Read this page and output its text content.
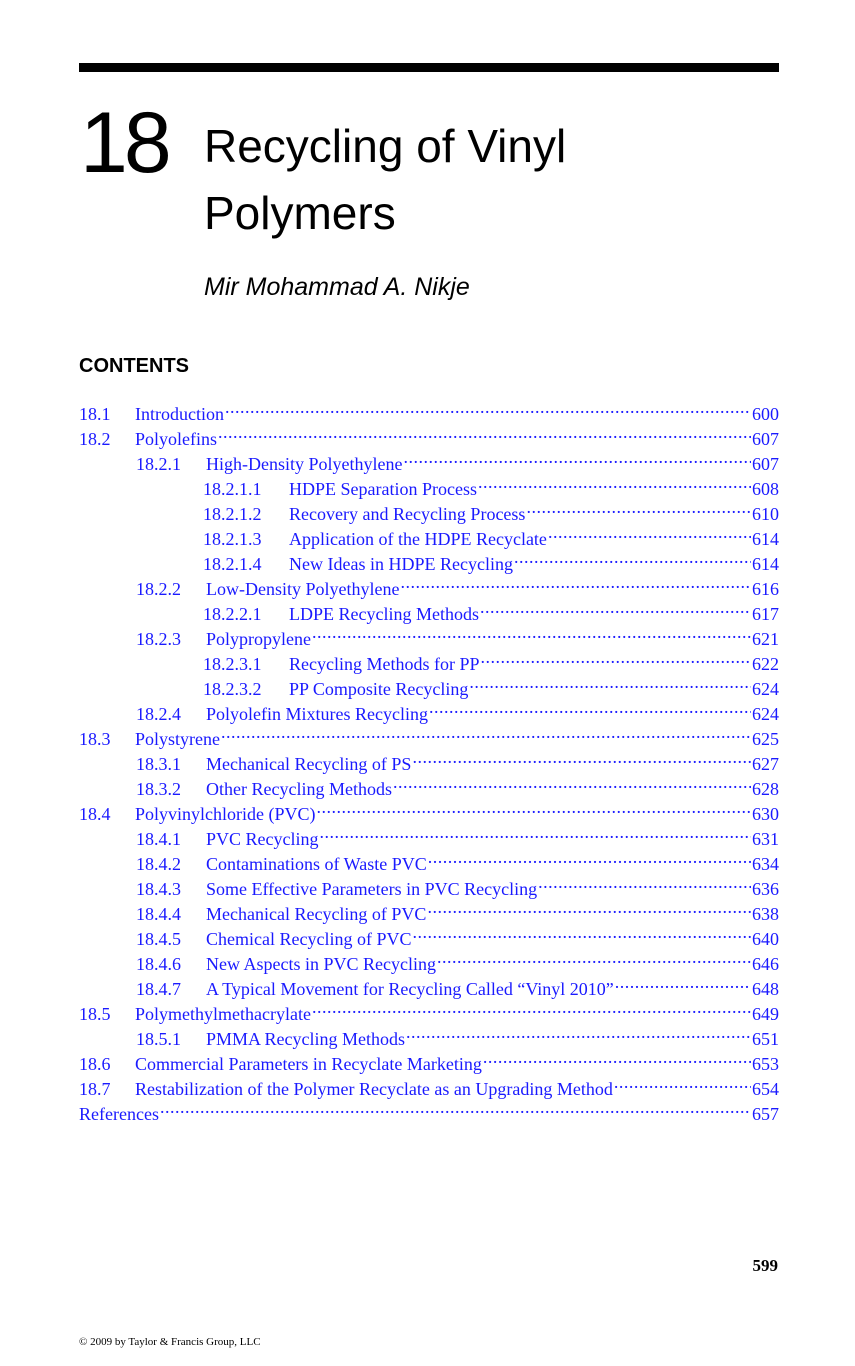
18 Recycling of Vinyl Polymers
Mir Mohammad A. Nikje
CONTENTS
18.1	Introduction .....	600
18.2	Polyolefins .....	607
18.2.1	High-Density Polyethylene .....	607
18.2.1.1	HDPE Separation Process .....	608
18.2.1.2	Recovery and Recycling Process .....	610
18.2.1.3	Application of the HDPE Recyclate .....	614
18.2.1.4	New Ideas in HDPE Recycling .....	614
18.2.2	Low-Density Polyethylene .....	616
18.2.2.1	LDPE Recycling Methods .....	617
18.2.3	Polypropylene .....	621
18.2.3.1	Recycling Methods for PP .....	622
18.2.3.2	PP Composite Recycling .....	624
18.2.4	Polyolefin Mixtures Recycling .....	624
18.3	Polystyrene .....	625
18.3.1	Mechanical Recycling of PS .....	627
18.3.2	Other Recycling Methods .....	628
18.4	Polyvinylchloride (PVC) .....	630
18.4.1	PVC Recycling .....	631
18.4.2	Contaminations of Waste PVC .....	634
18.4.3	Some Effective Parameters in PVC Recycling .....	636
18.4.4	Mechanical Recycling of PVC .....	638
18.4.5	Chemical Recycling of PVC .....	640
18.4.6	New Aspects in PVC Recycling .....	646
18.4.7	A Typical Movement for Recycling Called “Vinyl 2010” .....	648
18.5	Polymethylmethacrylate .....	649
18.5.1	PMMA Recycling Methods .....	651
18.6	Commercial Parameters in Recyclate Marketing .....	653
18.7	Restabilization of the Polymer Recyclate as an Upgrading Method .....	654
References .....	657
599
© 2009 by Taylor & Francis Group, LLC
